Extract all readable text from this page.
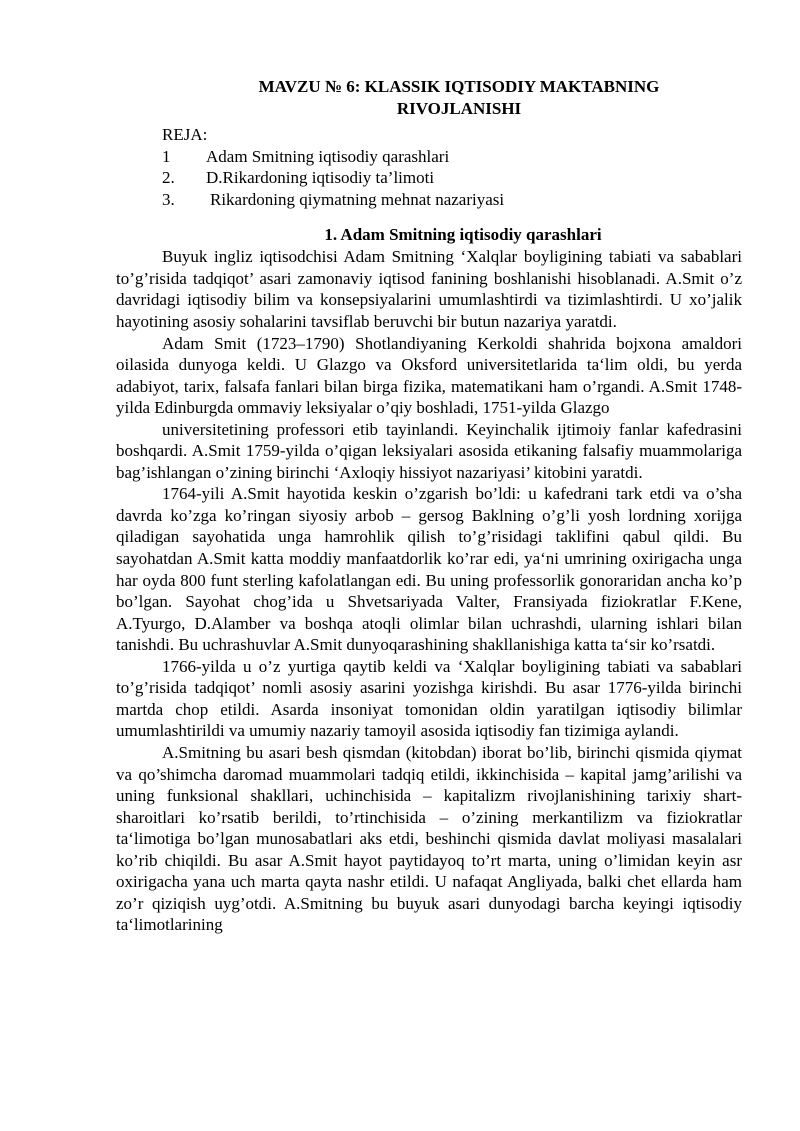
MAVZU № 6: KLASSIK IQTISODIY MAKTABNING
RIVOJLANISHI
REJA:
1	Adam Smitning iqtisodiy qarashlari
2.	D.Rikardoning iqtisodiy ta’limoti
3.	Rikardoning qiymatning mehnat nazariyasi
1. Adam Smitning iqtisodiy qarashlari

Buyuk ingliz iqtisodchisi Adam Smitning ‘Xalqlar boyligining tabiati va sabablari to’g’risida tadqiqot’ asari zamonaviy iqtisod fanining boshlanishi hisoblanadi. A.Smit o’z davridagi iqtisodiy bilim va konsepsiyalarini umumlashtirdi va tizimlashtirdi. U xo’jalik hayotining asosiy sohalarini tavsiflab beruvchi bir butun nazariya yaratdi.

Adam Smit (1723–1790) Shotlandiyaning Kerkoldi shahrida bojxona amaldori oilasida dunyoga keldi. U Glazgo va Oksford universitetlarida ta‘lim oldi, bu yerda adabiyot, tarix, falsafa fanlari bilan birga fizika, matematikani ham o’rgandi. A.Smit 1748-yilda Edinburgda ommaviy leksiyalar o’qiy boshladi, 1751-yilda Glazgo

universitetining professori etib tayinlandi. Keyinchalik ijtimoiy fanlar kafedrasini boshqardi. A.Smit 1759-yilda o’qigan leksiyalari asosida etikaning falsafiy muammolariga bag’ishlangan o’zining birinchi ‘Axloqiy hissiyot nazariyasi’ kitobini yaratdi.

1764-yili A.Smit hayotida keskin o’zgarish bo’ldi: u kafedrani tark etdi va o’sha davrda ko’zga ko’ringan siyosiy arbob – gersog Baklning o’g’li yosh lordning xorijga qiladigan sayohatida unga hamrohlik qilish to’g’risidagi taklifini qabul qildi. Bu sayohatdan A.Smit katta moddiy manfaatdorlik ko’rar edi, ya‘ni umrining oxirigacha unga har oyda 800 funt sterling kafolatlangan edi. Bu uning professorlik gonoraridan ancha ko’p bo’lgan. Sayohat chog’ida u Shvetsariyada Valter, Fransiyada fiziokratlar F.Kene, A.Tyurgo, D.Alamber va boshqa atoqli olimlar bilan uchrashdi, ularning ishlari bilan tanishdi. Bu uchrashuvlar A.Smit dunyoqarashining shakllanishiga katta ta‘sir ko’rsatdi.

1766-yilda u o’z yurtiga qaytib keldi va ‘Xalqlar boyligining tabiati va sabablari to’g’risida tadqiqot’ nomli asosiy asarini yozishga kirishdi. Bu asar 1776-yilda birinchi martda chop etildi. Asarda insoniyat tomonidan oldin yaratilgan iqtisodiy bilimlar umumlashtirildi va umumiy nazariy tamoyil asosida iqtisodiy fan tizimiga aylandi.

A.Smitning bu asari besh qismdan (kitobdan) iborat bo’lib, birinchi qismida qiymat va qo’shimcha daromad muammolari tadqiq etildi, ikkinchisida – kapital jamg’arilishi va uning funksional shakllari, uchinchisida – kapitalizm rivojlanishining tarixiy shart-sharoitlari ko’rsatib berildi, to’rtinchisida – o’zining merkantilizm va fiziokratlar ta‘limotiga bo’lgan munosabatlari aks etdi, beshinchi qismida davlat moliyasi masalalari ko’rib chiqildi. Bu asar A.Smit hayot paytidayoq to’rt marta, uning o’limidan keyin asr oxirigacha yana uch marta qayta nashr etildi. U nafaqat Angliyada, balki chet ellarda ham zo’r qiziqish uyg’otdi. A.Smitning bu buyuk asari dunyodagi barcha keyingi iqtisodiy ta‘limotlarining
